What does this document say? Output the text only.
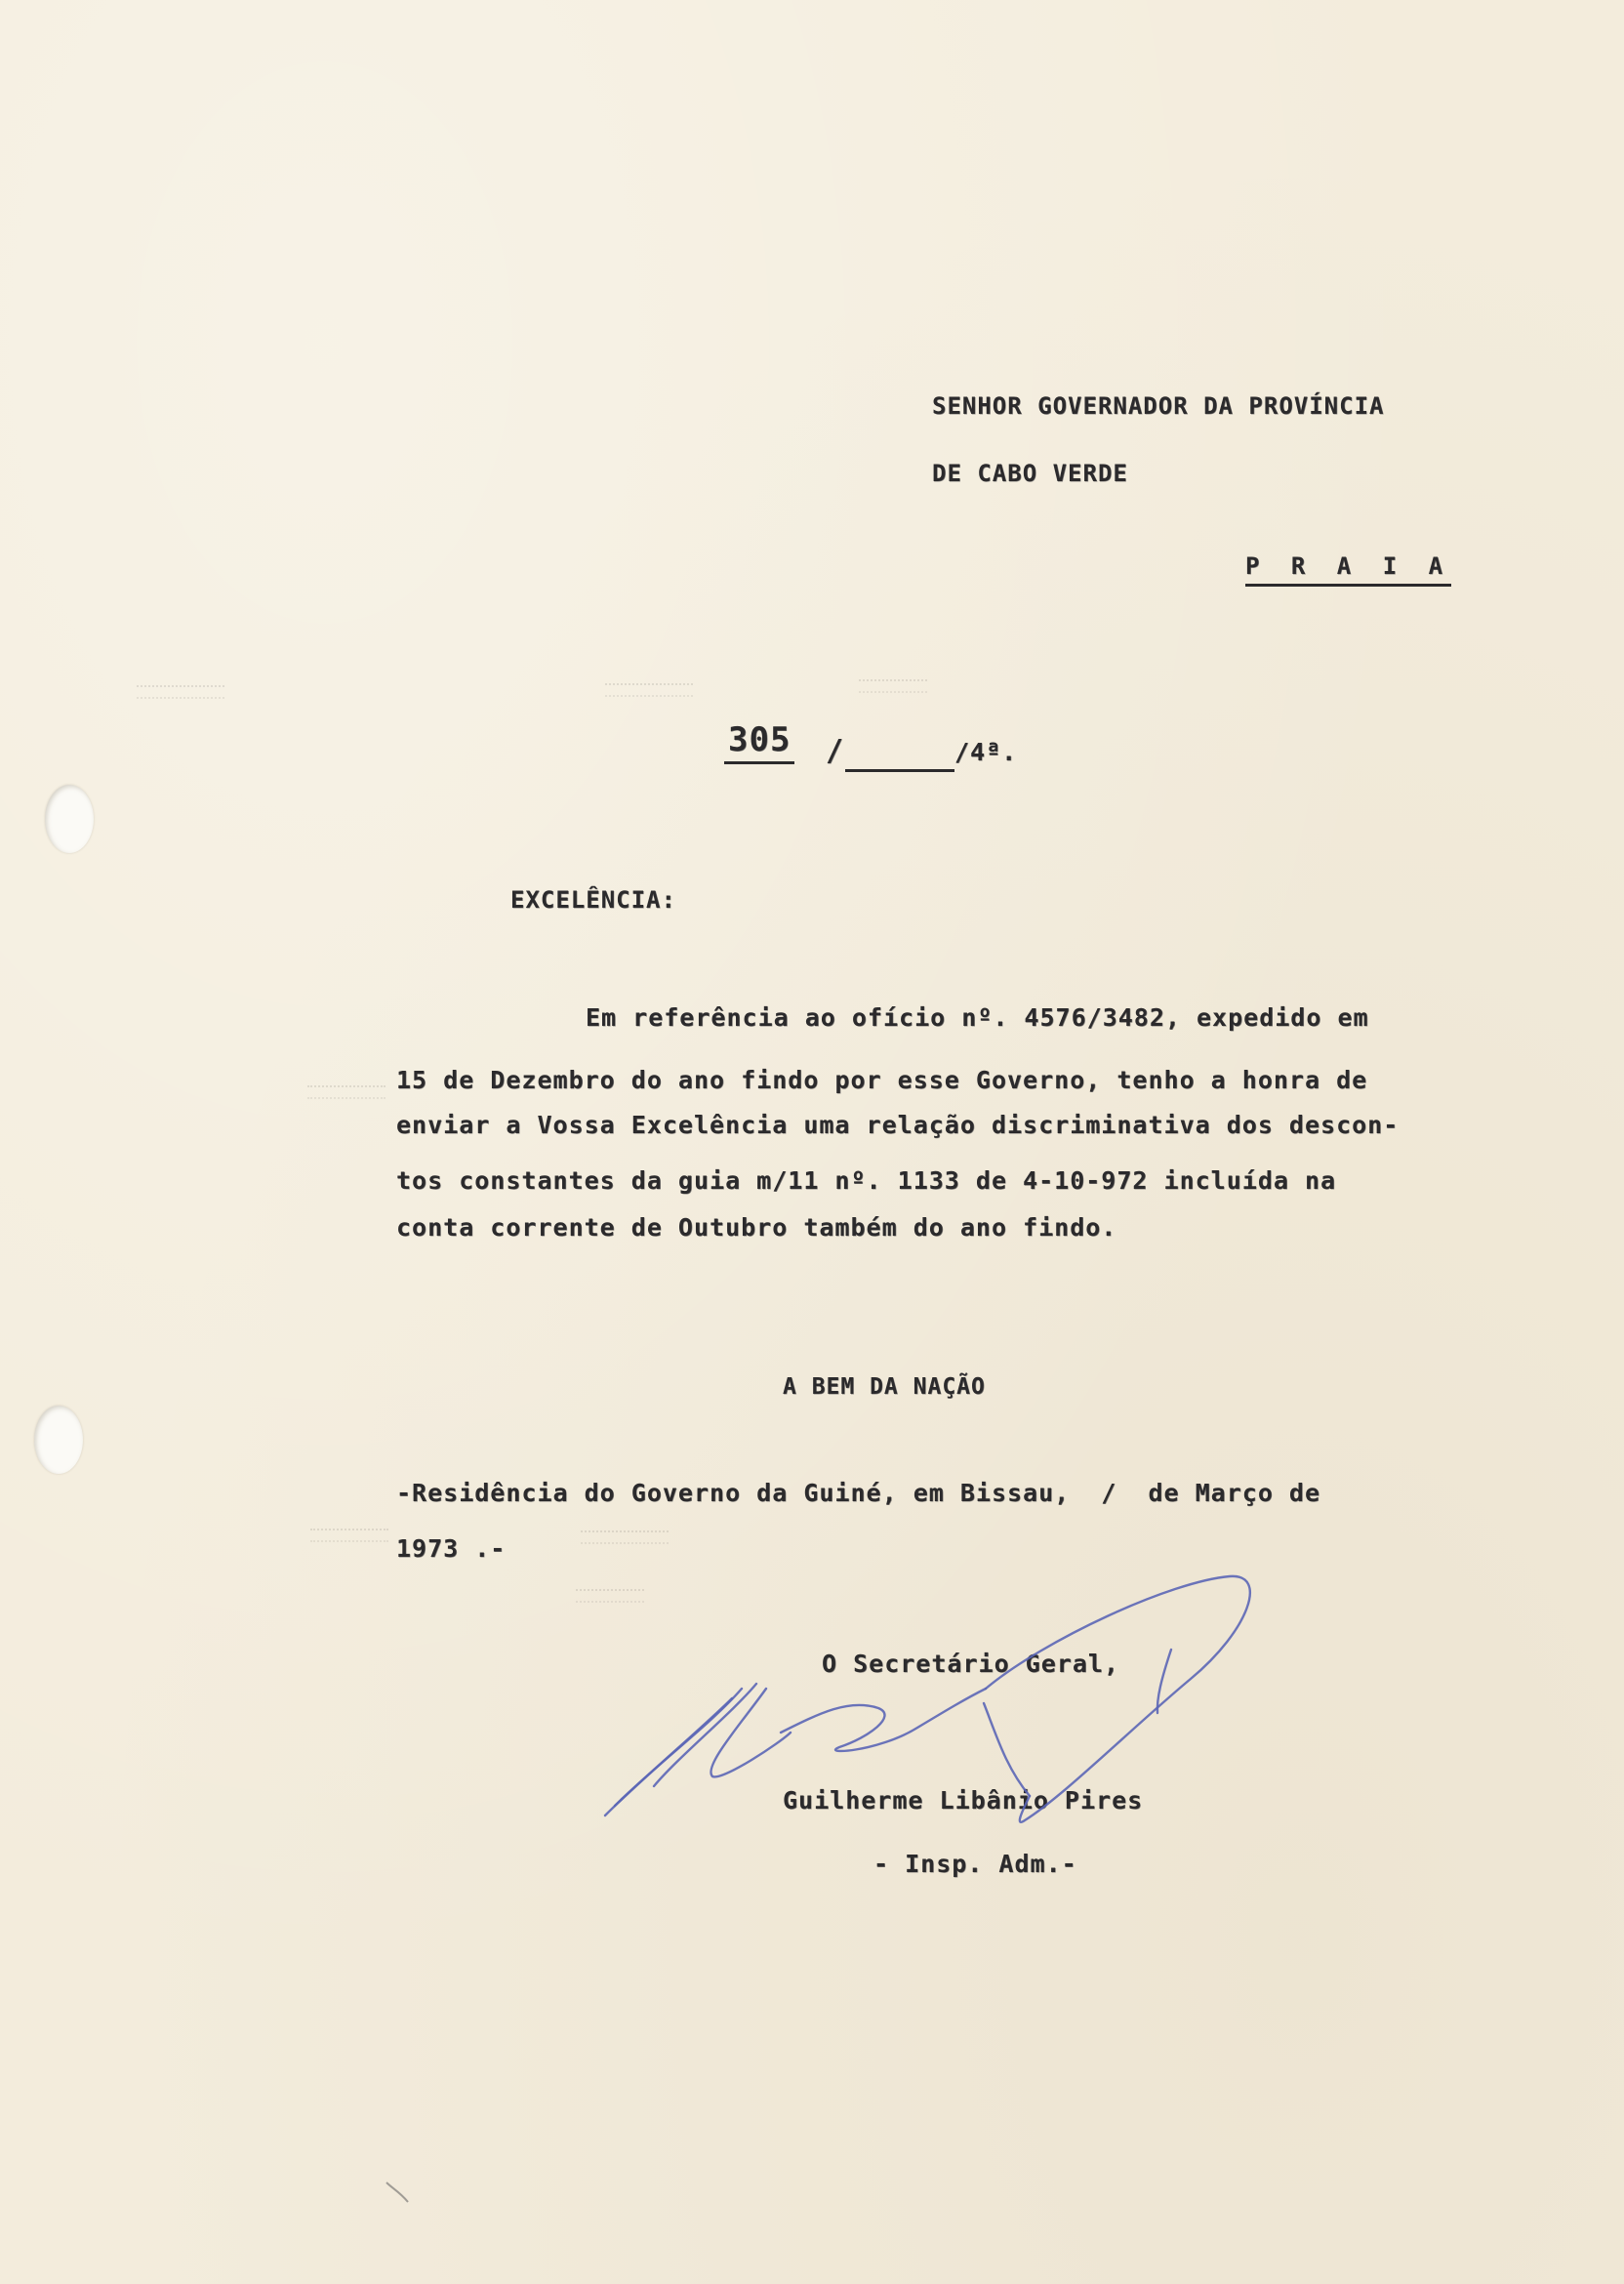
SENHOR GOVERNADOR DA PROVÍNCIA
DE CABO VERDE
P R A I A
305 /	/4ª.
EXCELÊNCIA:
Em referência ao ofício nº. 4576/3482, expedido em
15 de Dezembro do ano findo por esse Governo, tenho a honra de
enviar a Vossa Excelência uma relação discriminativa dos descon-
tos constantes da guia m/11 nº. 1133 de 4-10-972 incluída na
conta corrente de Outubro também do ano findo.
A BEM DA NAÇÃO
-Residência do Governo da Guiné, em Bissau,  /  de Março de
1973 .-
O Secretário Geral,
Guilherme Libânio Pires
- Insp. Adm.-
